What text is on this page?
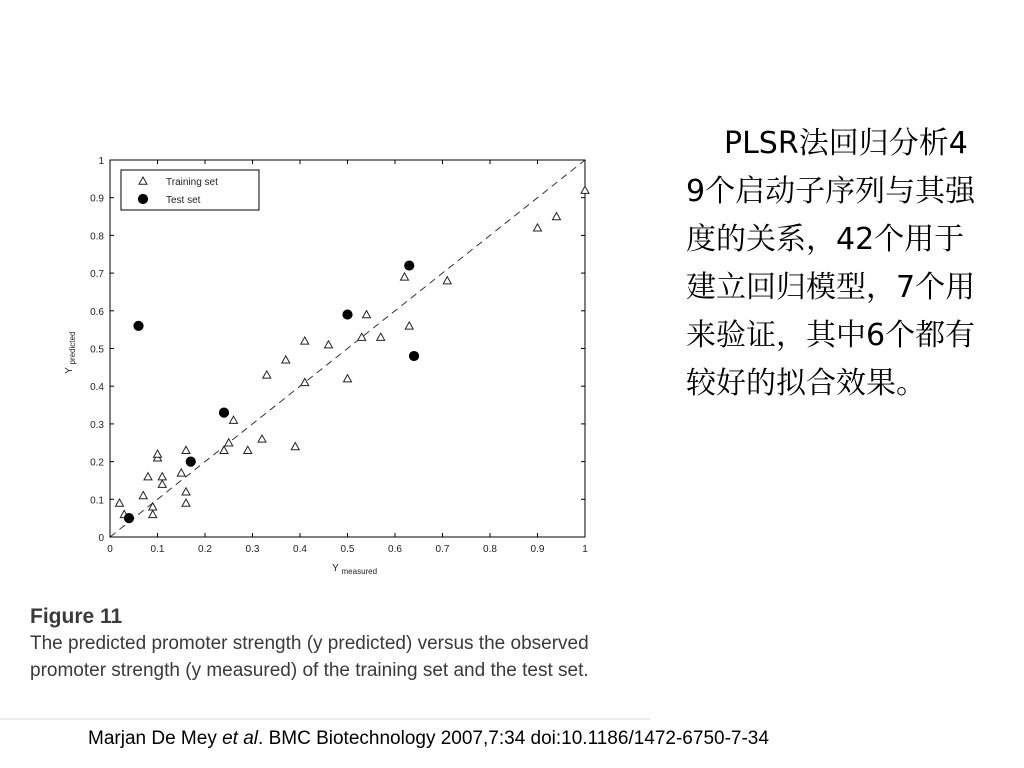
0	0.1	0.2	0.3	0.4	0.5	0.6	0.7	0.8	0.9	1
0
0.1
0.2
0.3
0.4
0.5
0.6
0.7
0.8
0.9
1
Y measured
Y
predicted
Training set
Test set
Figure 11
The predicted promoter strength (y predicted) versus the observed promoter strength (y measured) of the training set and the test set.
PLSR法回归分析49个启动子序列与其强度的关系，42个用于建立回归模型，7个用来验证，其中6个都有较好的拟合效果。
Marjan De Mey et al. BMC Biotechnology 2007,7:34 doi:10.1186/1472-6750-7-34
